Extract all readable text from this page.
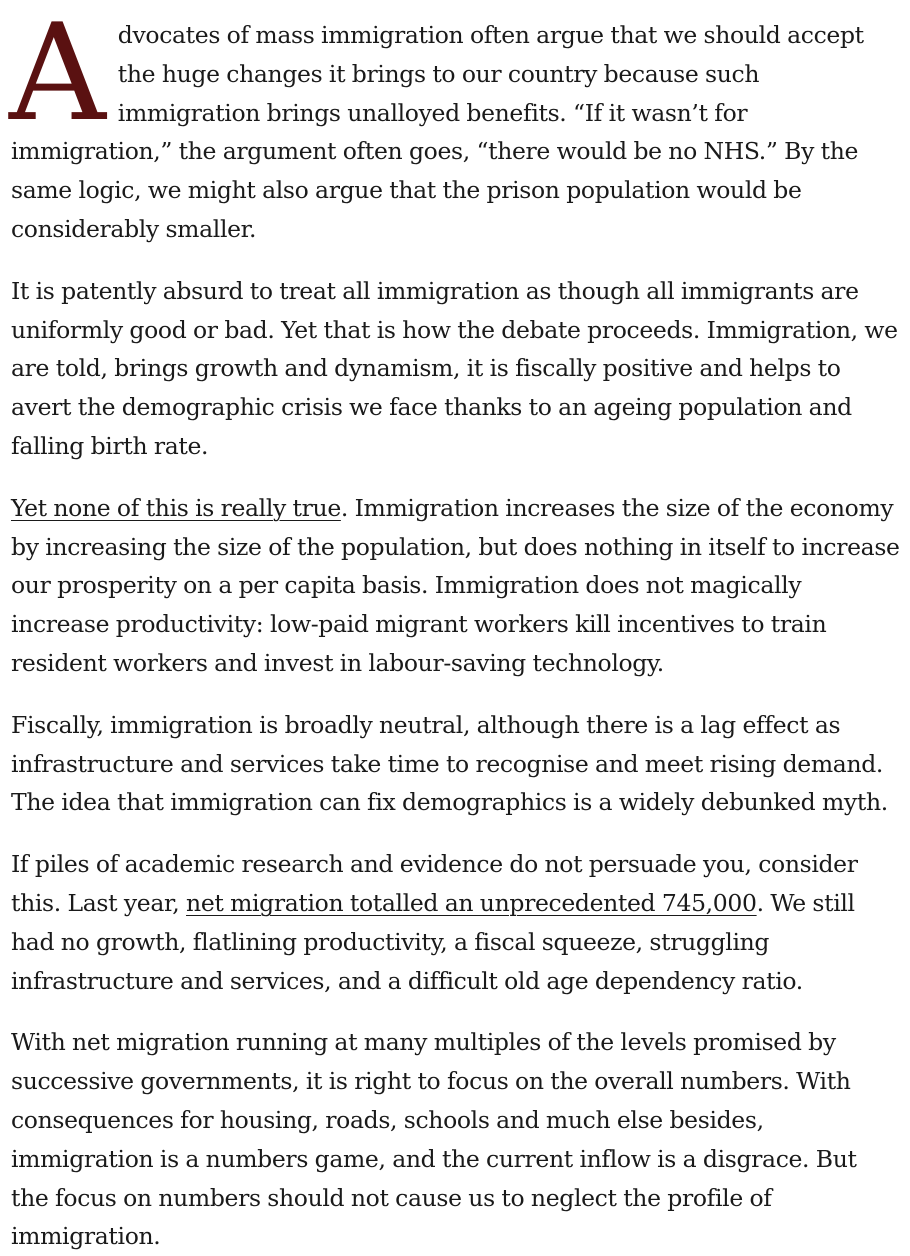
A dvocates of mass immigration often argue that we should accept the huge changes it brings to our country because such immigration brings unalloyed benefits. “If it wasn’t for immigration,” the argument often goes, “there would be no NHS.” By the same logic, we might also argue that the prison population would be considerably smaller.

It is patently absurd to treat all immigration as though all immigrants are uniformly good or bad. Yet that is how the debate proceeds. Immigration, we are told, brings growth and dynamism, it is fiscally positive and helps to avert the demographic crisis we face thanks to an ageing population and falling birth rate.

Yet none of this is really true. Immigration increases the size of the economy by increasing the size of the population, but does nothing in itself to increase our prosperity on a per capita basis. Immigration does not magically increase productivity: low-paid migrant workers kill incentives to train resident workers and invest in labour-saving technology.

Fiscally, immigration is broadly neutral, although there is a lag effect as infrastructure and services take time to recognise and meet rising demand. The idea that immigration can fix demographics is a widely debunked myth.

If piles of academic research and evidence do not persuade you, consider this. Last year, net migration totalled an unprecedented 745,000. We still had no growth, flatlining productivity, a fiscal squeeze, struggling infrastructure and services, and a difficult old age dependency ratio.

With net migration running at many multiples of the levels promised by successive governments, it is right to focus on the overall numbers. With consequences for housing, roads, schools and much else besides, immigration is a numbers game, and the current inflow is a disgrace. But the focus on numbers should not cause us to neglect the profile of immigration.
